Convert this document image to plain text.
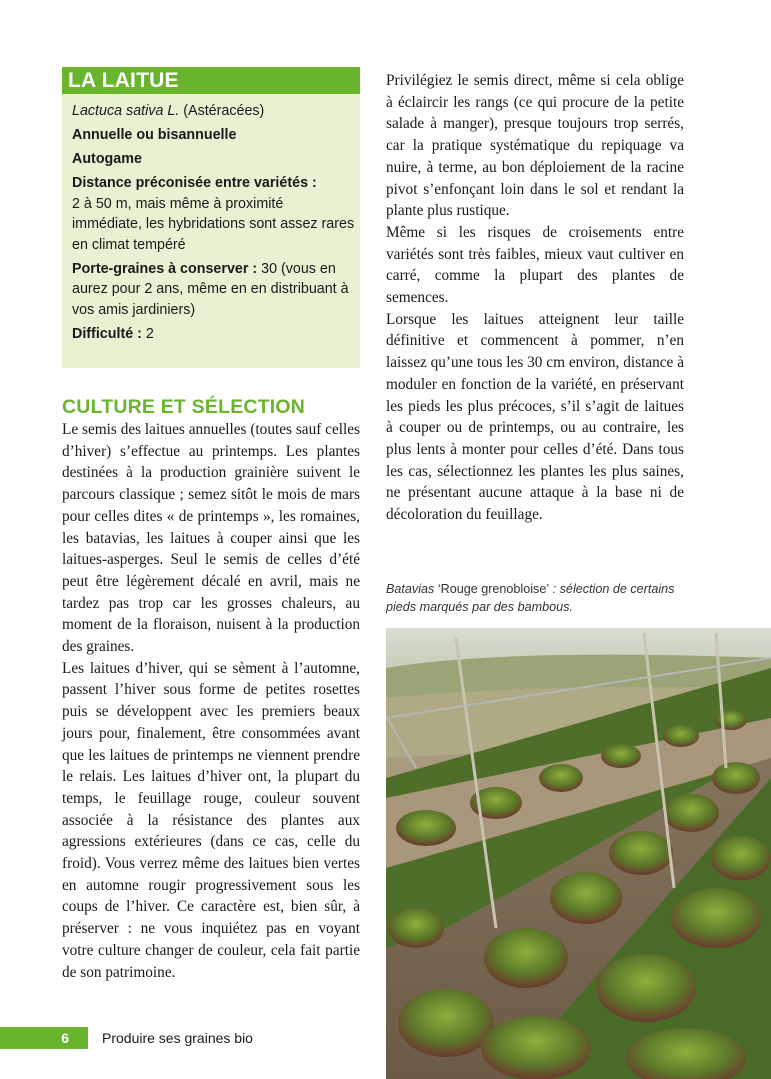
LA LAITUE

Lactuca sativa L. (Astéracées)

Annuelle ou bisannuelle

Autogame

Distance préconisée entre variétés :
2 à 50 m, mais même à proximité immédiate, les hybridations sont assez rares en climat tempéré

Porte-graines à conserver : 30 (vous en aurez pour 2 ans, même en en distribuant à vos amis jardiniers)

Difficulté : 2

CULTURE ET SÉLECTION

Le semis des laitues annuelles (toutes sauf celles d’hiver) s’effectue au printemps. Les plantes destinées à la production grainière suivent le parcours classique ; semez sitôt le mois de mars pour celles dites « de printemps », les romaines, les batavias, les laitues à couper ainsi que les laitues-asperges. Seul le semis de celles d’été peut être légèrement décalé en avril, mais ne tardez pas trop car les grosses chaleurs, au moment de la floraison, nuisent à la production des graines.

Les laitues d’hiver, qui se sèment à l’automne, passent l’hiver sous forme de petites rosettes puis se développent avec les premiers beaux jours pour, finalement, être consommées avant que les laitues de printemps ne viennent prendre le relais. Les laitues d’hiver ont, la plupart du temps, le feuillage rouge, couleur souvent associée à la résistance des plantes aux agressions extérieures (dans ce cas, celle du froid). Vous verrez même des laitues bien vertes en automne rougir progressivement sous les coups de l’hiver. Ce caractère est, bien sûr, à préserver : ne vous inquiétez pas en voyant votre culture changer de couleur, cela fait partie de son patrimoine.

Privilégiez le semis direct, même si cela oblige à éclaircir les rangs (ce qui procure de la petite salade à manger), presque toujours trop serrés, car la pratique systématique du repiquage va nuire, à terme, au bon déploiement de la racine pivot s’enfonçant loin dans le sol et rendant la plante plus rustique.

Même si les risques de croisements entre variétés sont très faibles, mieux vaut cultiver en carré, comme la plupart des plantes de semences.

Lorsque les laitues atteignent leur taille définitive et commencent à pommer, n’en laissez qu’une tous les 30 cm environ, distance à moduler en fonction de la variété, en préservant les pieds les plus précoces, s’il s’agit de laitues à couper ou de printemps, ou au contraire, les plus lents à monter pour celles d’été. Dans tous les cas, sélectionnez les plantes les plus saines, ne présentant aucune attaque à la base ni de décoloration du feuillage.

Batavias ‘Rouge grenobloise’ : sélection de certains pieds marqués par des bambous.
6	Produire ses graines bio
